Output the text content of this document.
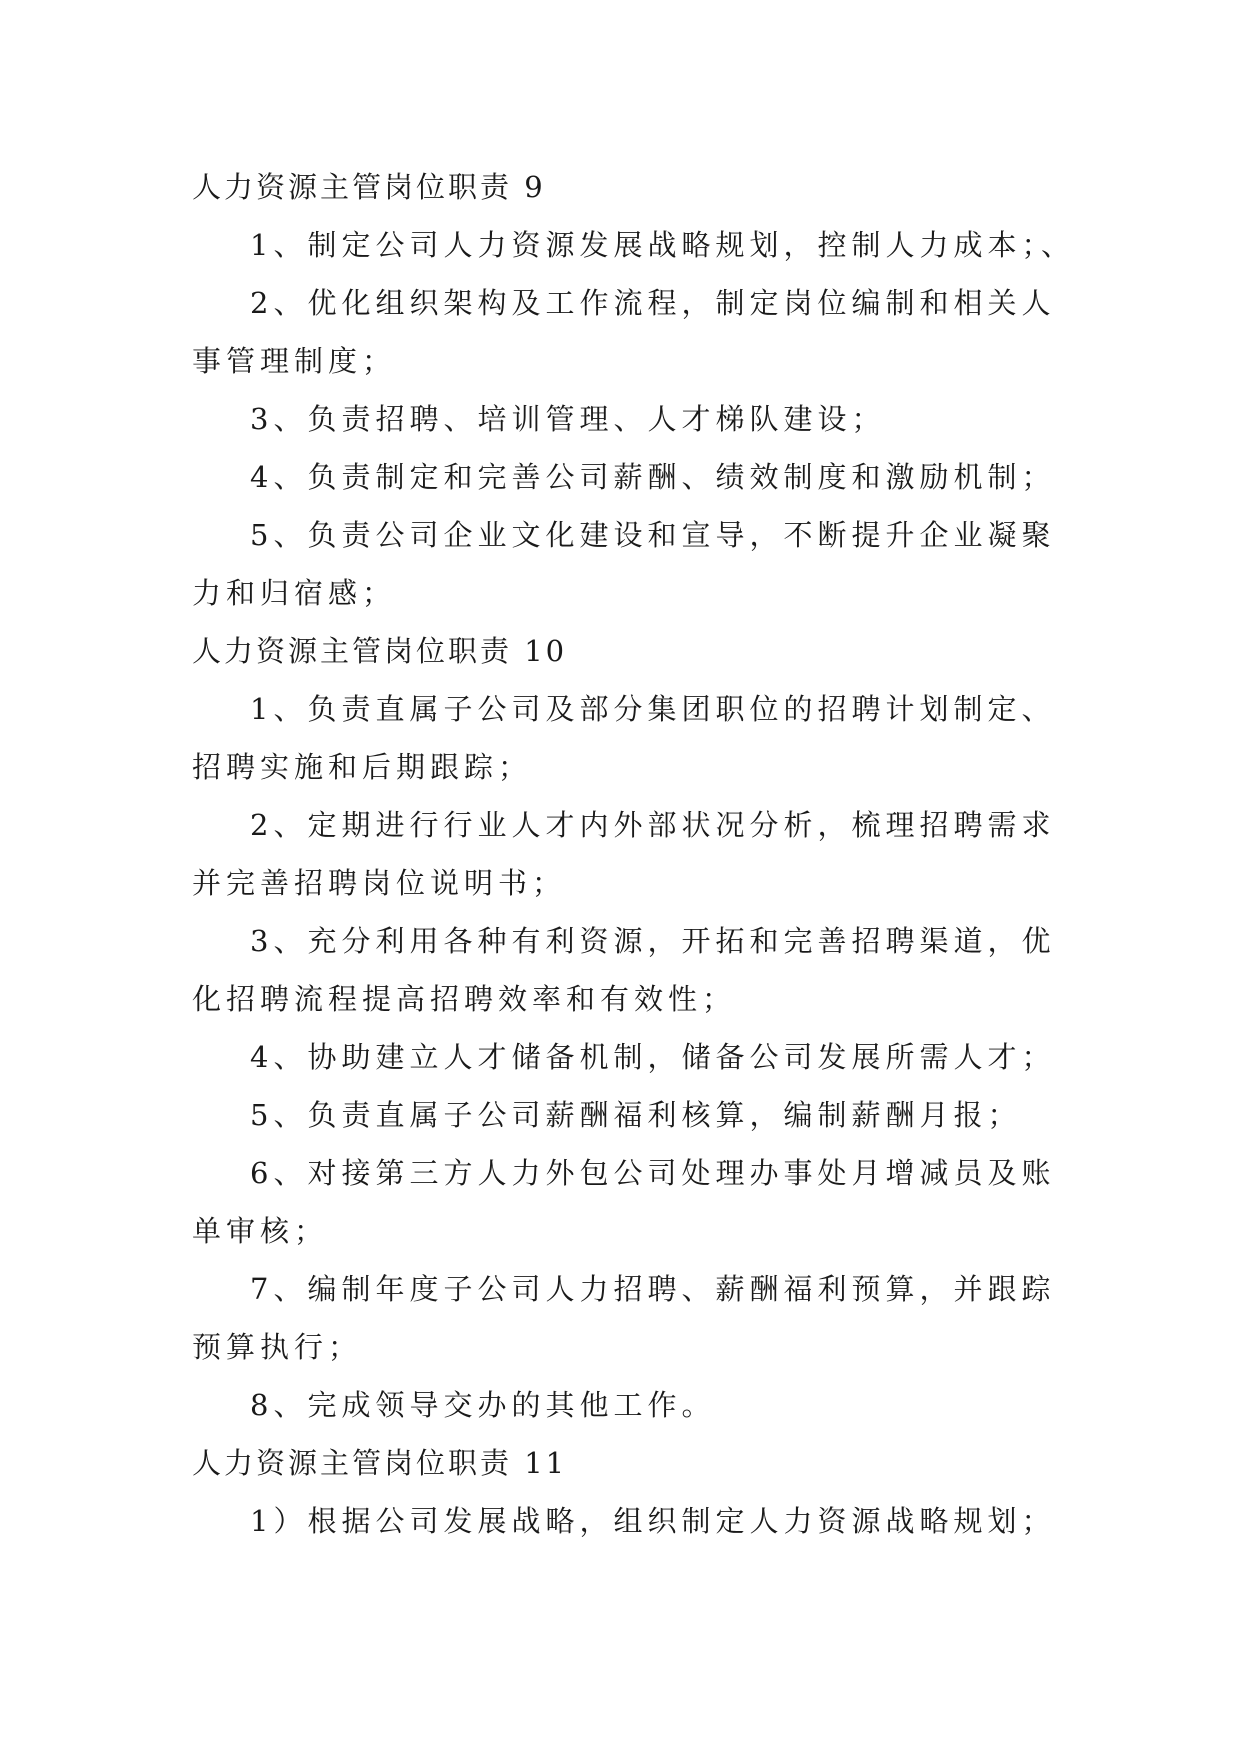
人力资源主管岗位职责 9
1、制定公司人力资源发展战略规划，控制人力成本；、
2、优化组织架构及工作流程，制定岗位编制和相关人
事管理制度；
3、负责招聘、培训管理、人才梯队建设；
4、负责制定和完善公司薪酬、绩效制度和激励机制；
5、负责公司企业文化建设和宣导，不断提升企业凝聚
力和归宿感；
人力资源主管岗位职责 10
1、负责直属子公司及部分集团职位的招聘计划制定、
招聘实施和后期跟踪；
2、定期进行行业人才内外部状况分析，梳理招聘需求
并完善招聘岗位说明书；
3、充分利用各种有利资源，开拓和完善招聘渠道，优
化招聘流程提高招聘效率和有效性；
4、协助建立人才储备机制，储备公司发展所需人才；
5、负责直属子公司薪酬福利核算，编制薪酬月报；
6、对接第三方人力外包公司处理办事处月增减员及账
单审核；
7、编制年度子公司人力招聘、薪酬福利预算，并跟踪
预算执行；
8、完成领导交办的其他工作。
人力资源主管岗位职责 11
1）根据公司发展战略，组织制定人力资源战略规划；
